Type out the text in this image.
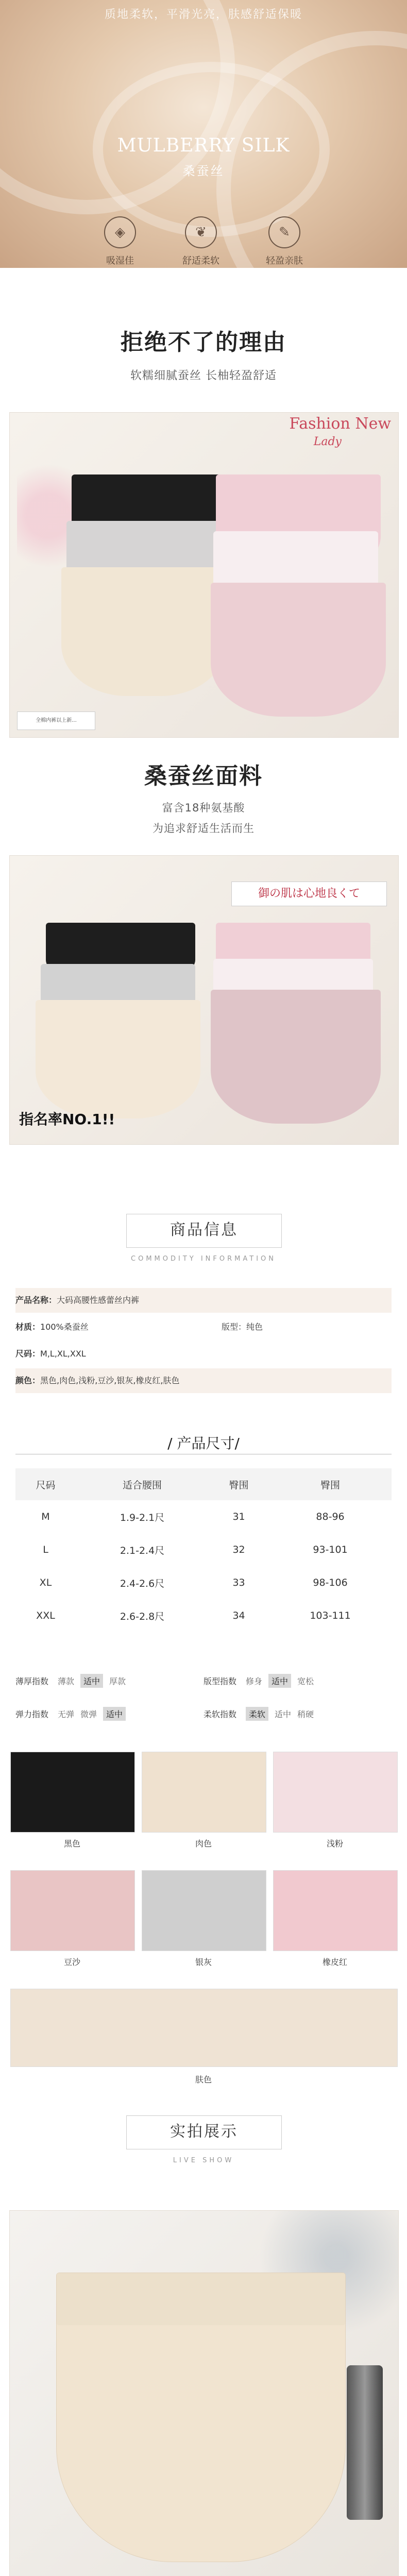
质地柔软，平滑光亮，肤感舒适保暖
MULBERRY SILK
桑蚕丝
◈
吸湿佳
❦
舒适柔软
✎
轻盈亲肤
拒绝不了的理由
软糯细腻蚕丝 长柚轻盈舒适
Fashion New
Lady
全棉内裤以上新...
桑蚕丝面料
富含18种氨基酸
为追求舒适生活而生
御の肌は心地良くて
指名率NO.1!!
商品信息
COMMODITY INFORMATION
产品名称：大码高腰性感蕾丝内裤
材质：100%桑蚕丝	版型：纯色
尺码：M,L,XL,XXL
颜色：黑色,肉色,浅粉,豆沙,银灰,橡皮红,肤色
/ 产品尺寸/
尺码	适合腰围	臀围	臀围
M	1.9-2.1尺	31	88-96
L	2.1-2.4尺	32	93-101
XL	2.4-2.6尺	33	98-106
XXL	2.6-2.8尺	34	103-111
薄厚指数 薄款	适中	厚款	版型指数 修身	适中	宽松
弹力指数 无弹 微弹	适中	柔软指数	柔软	适中 稍硬
黑色	肉色	浅粉
豆沙	银灰	橡皮红
肤色
实拍展示
LIVE SHOW
